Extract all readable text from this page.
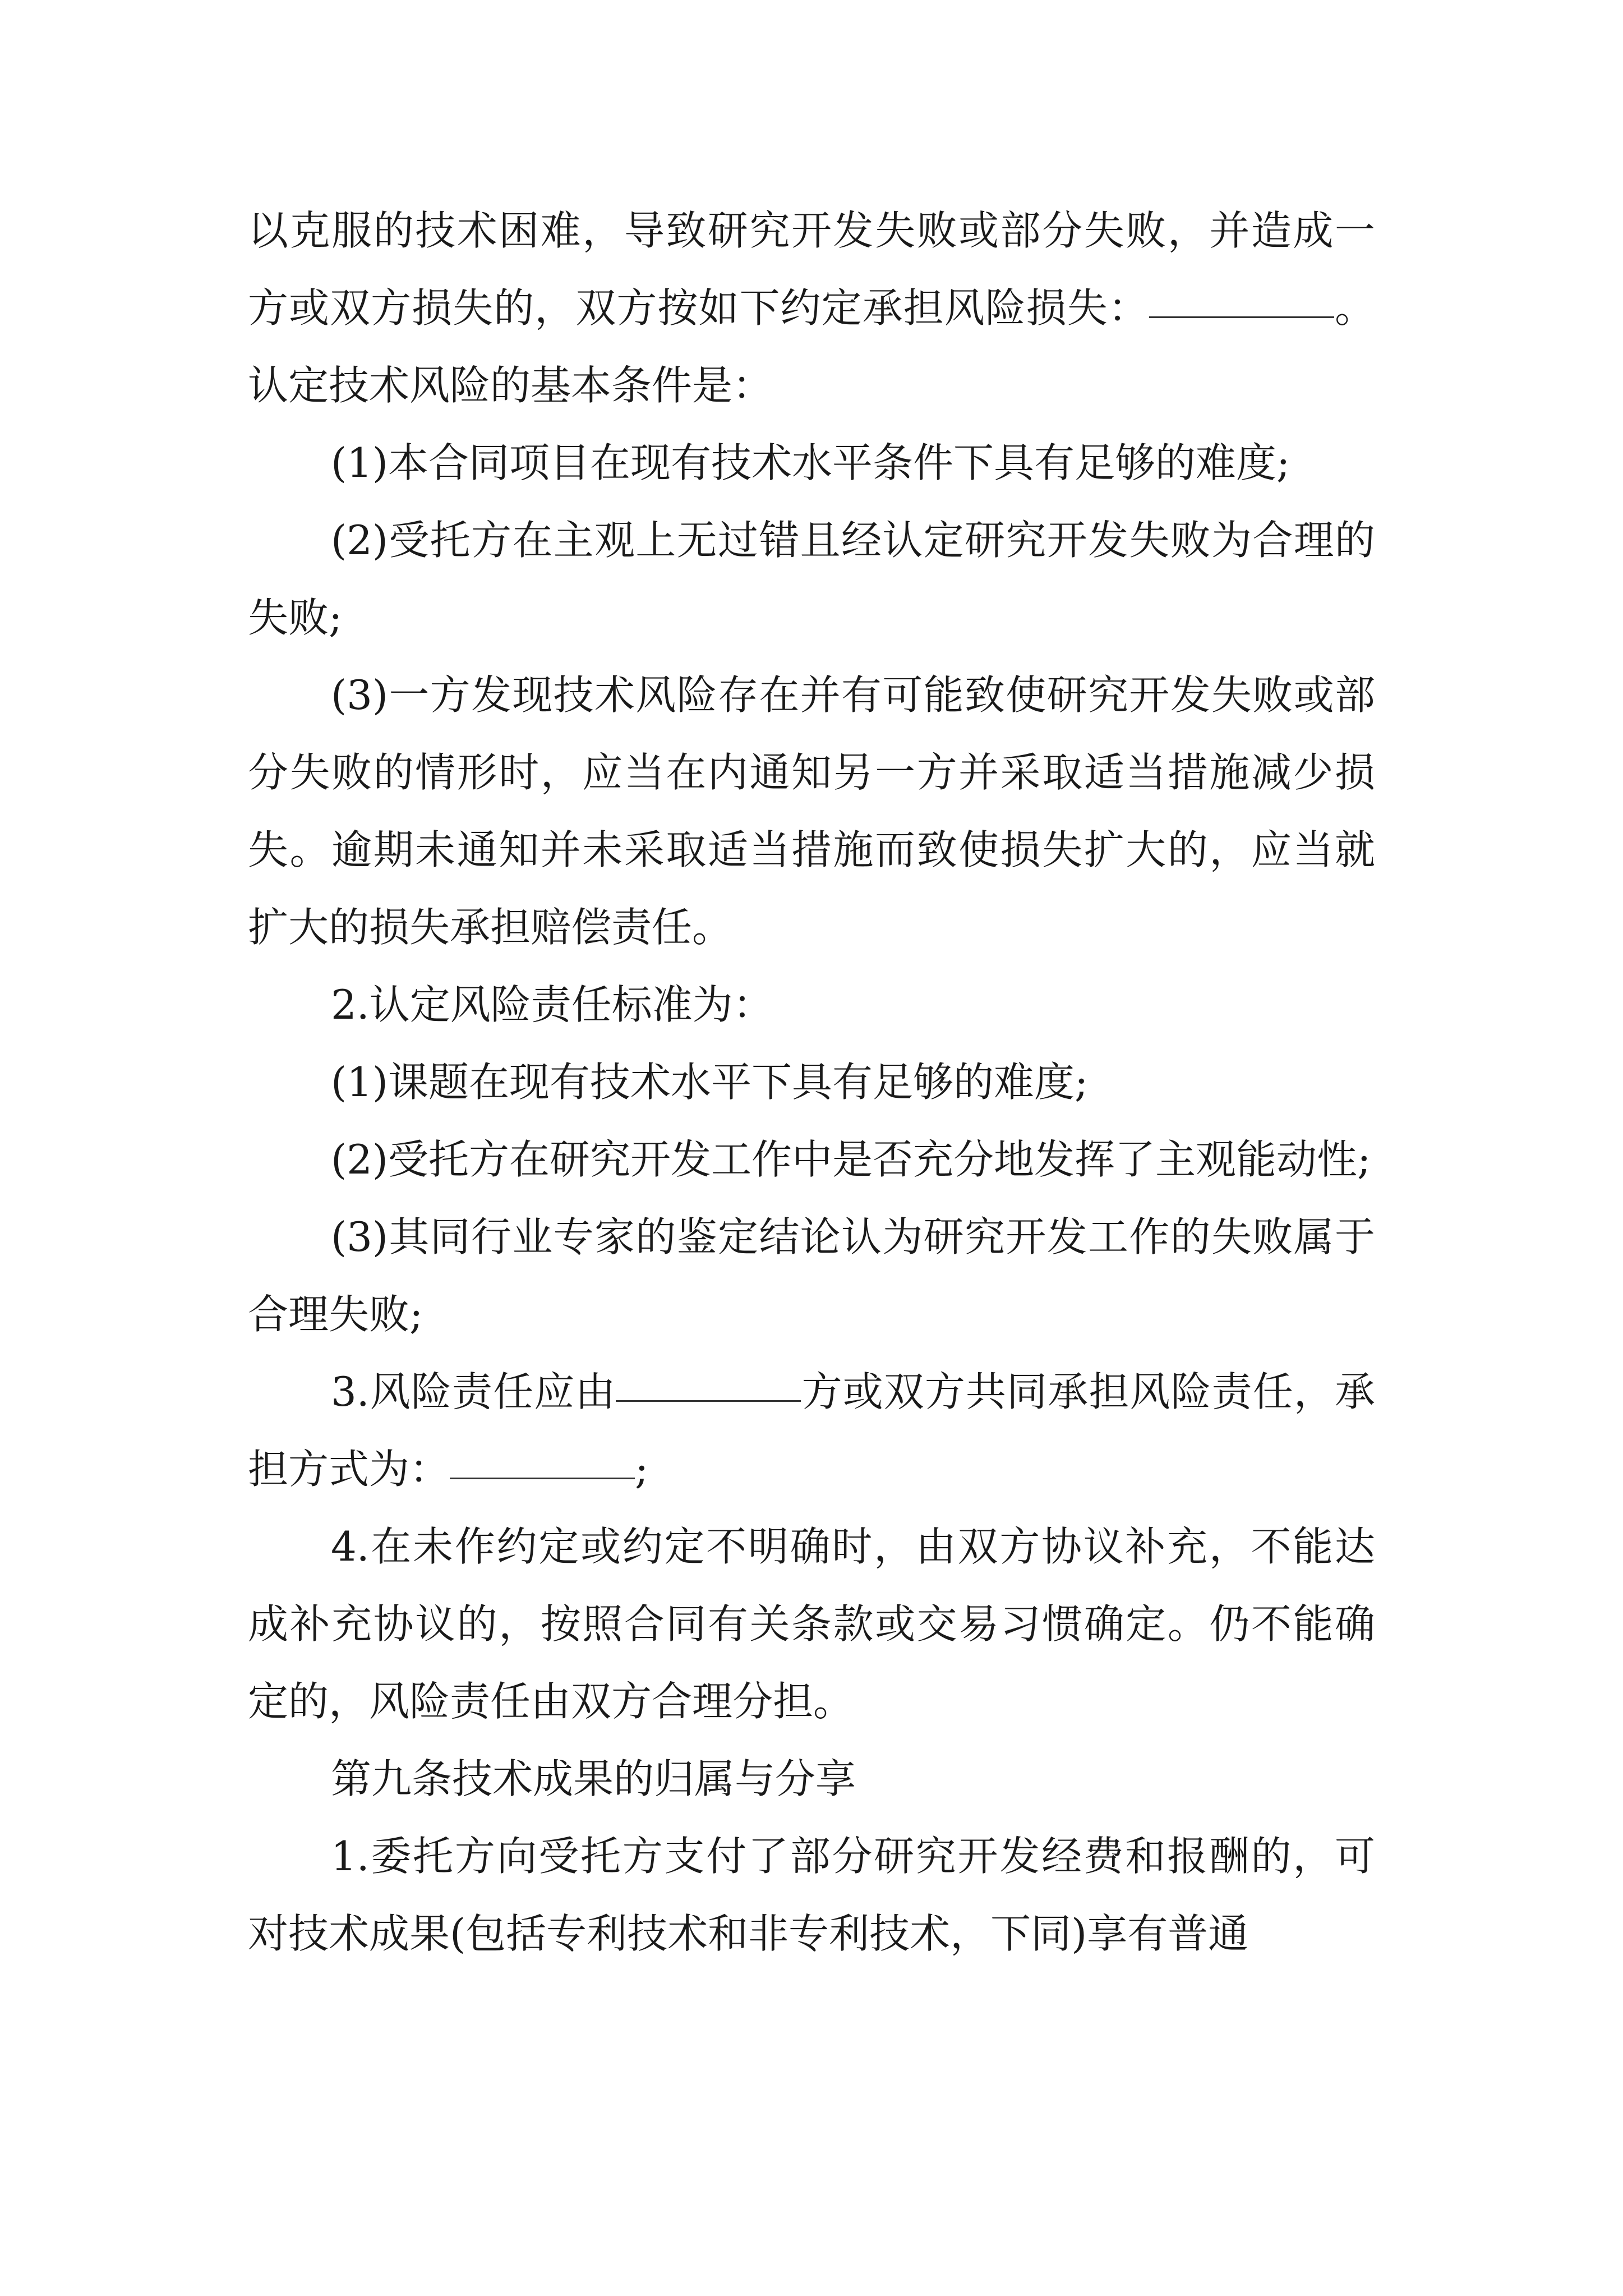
以克服的技术困难，导致研究开发失败或部分失败，并造成一方或双方损失的，双方按如下约定承担风险损失：	。认定技术风险的基本条件是：

(1)本合同项目在现有技术水平条件下具有足够的难度;

(2)受托方在主观上无过错且经认定研究开发失败为合理的失败;

(3)一方发现技术风险存在并有可能致使研究开发失败或部分失败的情形时，应当在内通知另一方并采取适当措施减少损失。逾期未通知并未采取适当措施而致使损失扩大的，应当就扩大的损失承担赔偿责任。

2.认定风险责任标准为：

(1)课题在现有技术水平下具有足够的难度;

(2)受托方在研究开发工作中是否充分地发挥了主观能动性;

(3)其同行业专家的鉴定结论认为研究开发工作的失败属于合理失败;

3.风险责任应由	方或双方共同承担风险责任，承担方式为：	;

4.在未作约定或约定不明确时，由双方协议补充，不能达成补充协议的，按照合同有关条款或交易习惯确定。仍不能确定的，风险责任由双方合理分担。

第九条技术成果的归属与分享

1.委托方向受托方支付了部分研究开发经费和报酬的，可对技术成果(包括专利技术和非专利技术，下同)享有普通
